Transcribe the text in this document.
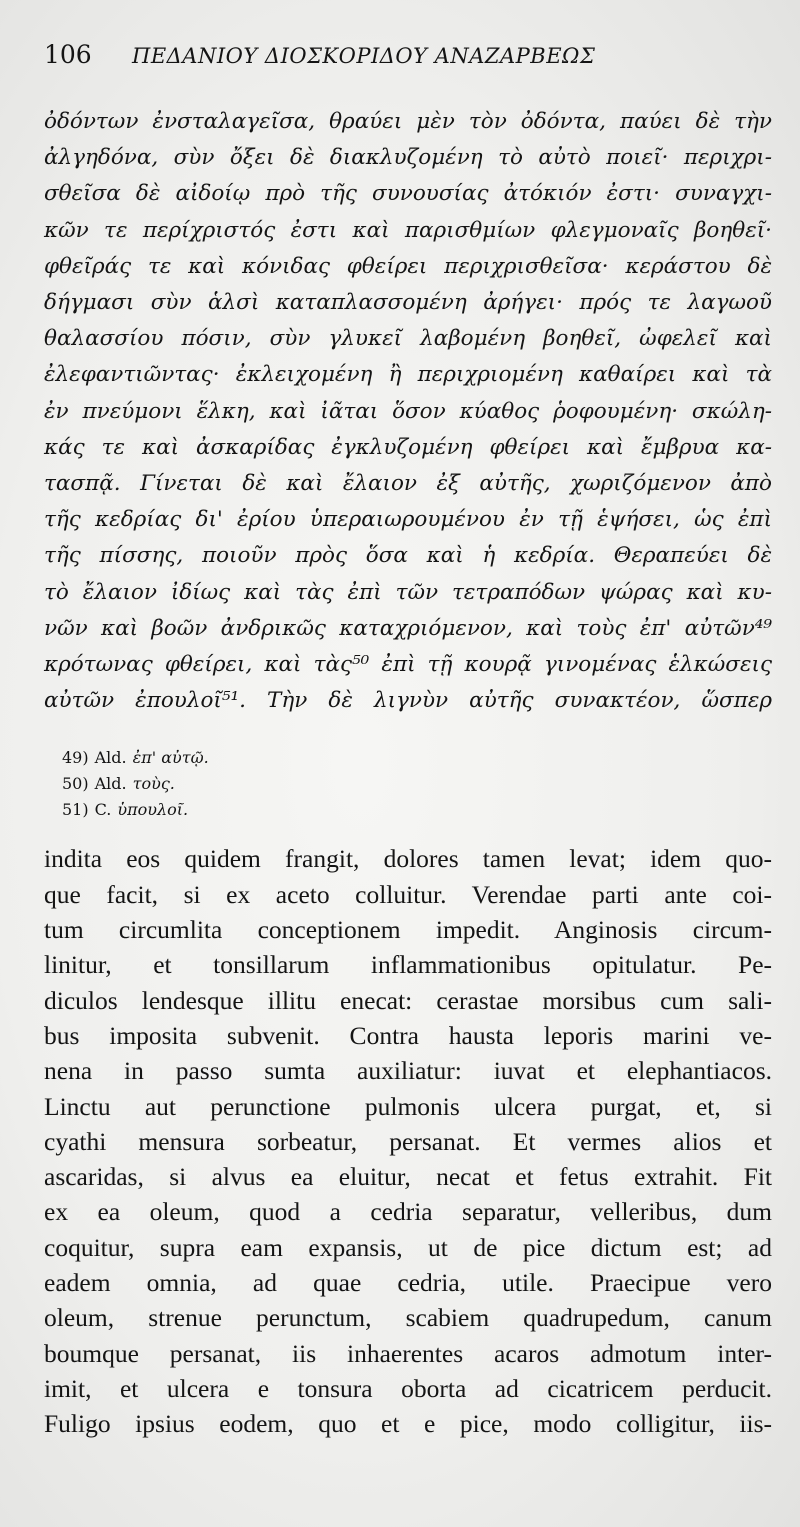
106	ΠΕΔΑΝΙΟΥ ΔΙΟΣΚΟΡΙΔΟΥ ΑΝΑΖΑΡΒΕΩΣ
ὀδόντων ἐνσταλαγεῖσα, θραύει μὲν τὸν ὀδόντα, παύει δὲ τὴν
ἀλγηδόνα, σὺν ὄξει δὲ διακλυζομένη τὸ αὐτὸ ποιεῖ· περιχρι-
σθεῖσα δὲ αἰδοίῳ πρὸ τῆς συνουσίας ἀτόκιόν ἐστι· συναγχι-
κῶν τε περίχριστός ἐστι καὶ παρισθμίων φλεγμοναῖς βοηθεῖ·
φθεῖράς τε καὶ κόνιδας φθείρει περιχρισθεῖσα· κεράστου δὲ
δήγμασι σὺν ἁλσὶ καταπλασσομένη ἀρήγει· πρός τε λαγωοῦ
θαλασσίου πόσιν, σὺν γλυκεῖ λαβομένη βοηθεῖ, ὠφελεῖ καὶ
ἐλεφαντιῶντας· ἐκλειχομένη ἢ περιχριομένη καθαίρει καὶ τὰ
ἐν πνεύμονι ἕλκη, καὶ ἰᾶται ὅσον κύαθος ῥοφουμένη· σκώλη-
κάς τε καὶ ἀσκαρίδας ἐγκλυζομένη φθείρει καὶ ἔμβρυα κα-
τασπᾷ. Γίνεται δὲ καὶ ἔλαιον ἐξ αὐτῆς, χωριζόμενον ἀπὸ
τῆς κεδρίας δι' ἐρίου ὑπεραιωρουμένου ἐν τῇ ἑψήσει, ὡς ἐπὶ
τῆς πίσσης, ποιοῦν πρὸς ὅσα καὶ ἡ κεδρία. Θεραπεύει δὲ
τὸ ἔλαιον ἰδίως καὶ τὰς ἐπὶ τῶν τετραπόδων ψώρας καὶ κυ-
νῶν καὶ βοῶν ἀνδρικῶς καταχριόμενον, καὶ τοὺς ἐπ' αὐτῶν⁴⁹
κρότωνας φθείρει, καὶ τὰς⁵⁰ ἐπὶ τῇ κουρᾷ γινομένας ἑλκώσεις
αὐτῶν ἐπουλοῖ⁵¹. Τὴν δὲ λιγνὺν αὐτῆς συνακτέον, ὥσπερ
49) Ald. ἐπ' αὐτῷ.
50) Ald. τοὺς.
51) C. ὑπουλοῖ.
indita eos quidem frangit, dolores tamen levat; idem quo-
que facit, si ex aceto colluitur. Verendae parti ante coi-
tum circumlita conceptionem impedit. Anginosis circum-
linitur, et tonsillarum inflammationibus opitulatur. Pe-
diculos lendesque illitu enecat: cerastae morsibus cum sali-
bus imposita subvenit. Contra hausta leporis marini ve-
nena in passo sumta auxiliatur: iuvat et elephantiacos.
Linctu aut perunctione pulmonis ulcera purgat, et, si
cyathi mensura sorbeatur, persanat. Et vermes alios et
ascaridas, si alvus ea eluitur, necat et fetus extrahit. Fit
ex ea oleum, quod a cedria separatur, velleribus, dum
coquitur, supra eam expansis, ut de pice dictum est; ad
eadem omnia, ad quae cedria, utile. Praecipue vero
oleum, strenue perunctum, scabiem quadrupedum, canum
boumque persanat, iis inhaerentes acaros admotum inter-
imit, et ulcera e tonsura oborta ad cicatricem perducit.
Fuligo ipsius eodem, quo et e pice, modo colligitur, iis-
